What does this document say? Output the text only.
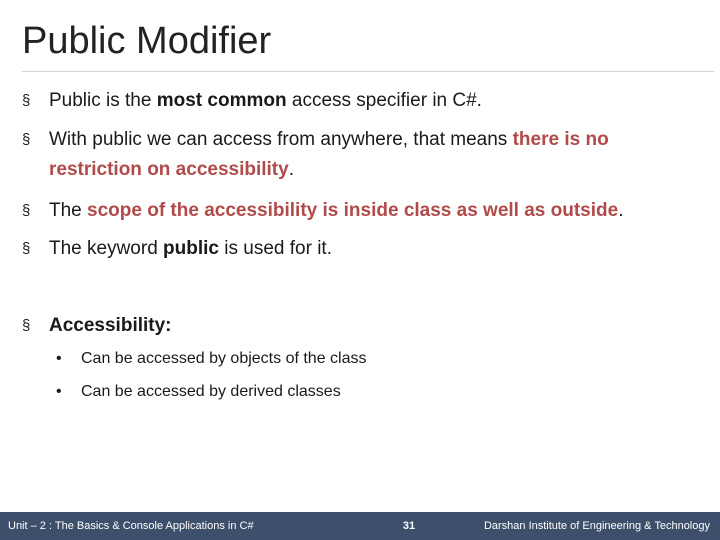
Public Modifier
§ Public is the most common access specifier in C#.
§ With public we can access from anywhere, that means there is no restriction on accessibility.
§ The scope of the accessibility is inside class as well as outside.
§ The keyword public is used for it.
§ Accessibility:
• Can be accessed by objects of the class
• Can be accessed by derived classes
Unit – 2 : The Basics & Console Applications in C#	31	Darshan Institute of Engineering & Technology
